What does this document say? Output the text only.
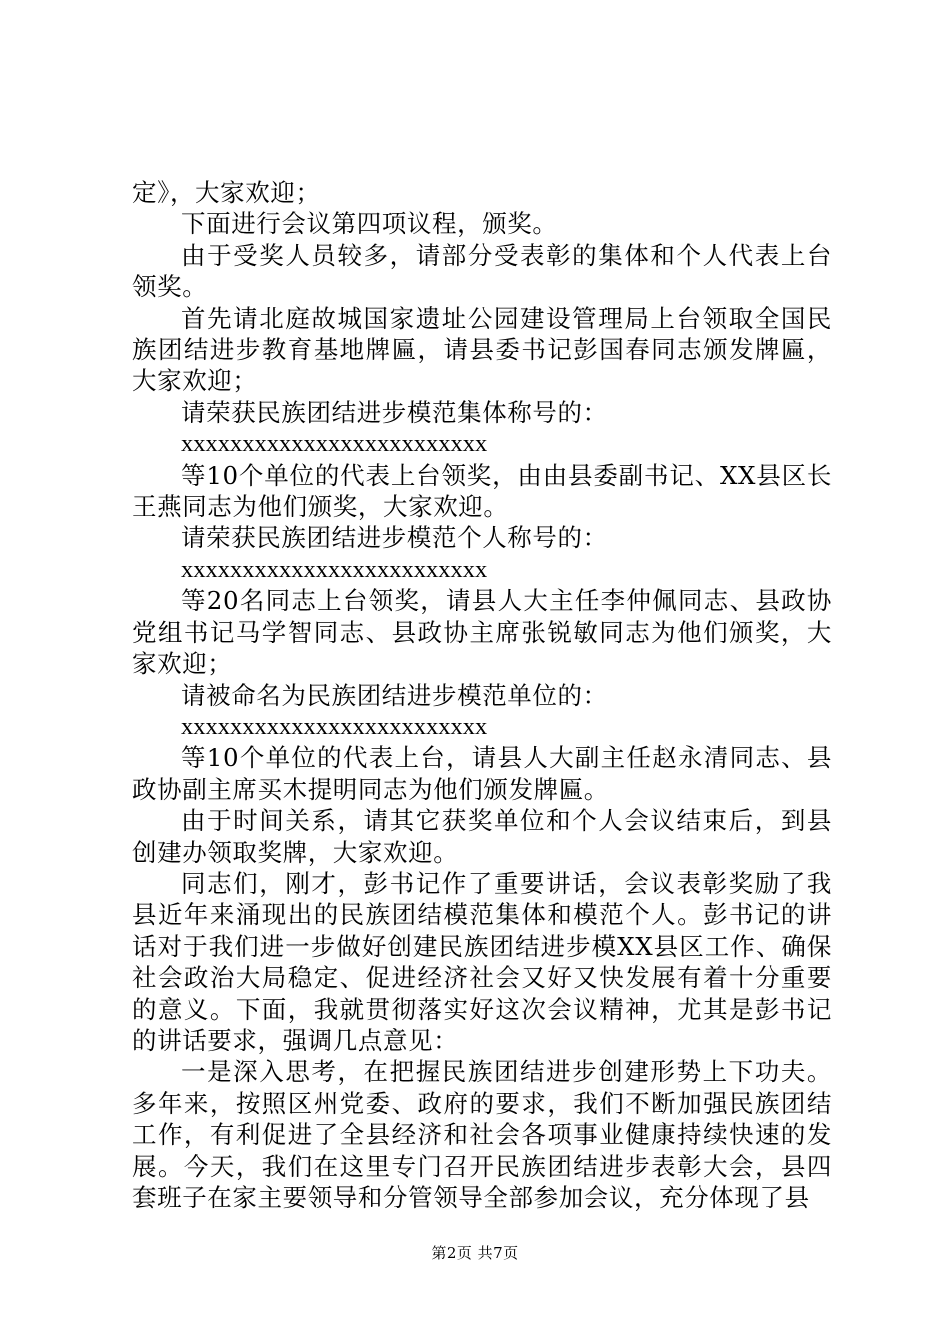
定》，大家欢迎；

下面进行会议第四项议程，颁奖。

由于受奖人员较多，请部分受表彰的集体和个人代表上台领奖。

首先请北庭故城国家遗址公园建设管理局上台领取全国民族团结进步教育基地牌匾，请县委书记彭国春同志颁发牌匾，大家欢迎；

请荣获民族团结进步模范集体称号的：

xxxxxxxxxxxxxxxxxxxxxxxxx

等10个单位的代表上台领奖，由由县委副书记、XX县区长王燕同志为他们颁奖，大家欢迎。

请荣获民族团结进步模范个人称号的：

xxxxxxxxxxxxxxxxxxxxxxxxx

等20名同志上台领奖，请县人大主任李仲佩同志、县政协党组书记马学智同志、县政协主席张锐敏同志为他们颁奖，大家欢迎；

请被命名为民族团结进步模范单位的：

xxxxxxxxxxxxxxxxxxxxxxxxx

等10个单位的代表上台，请县人大副主任赵永清同志、县政协副主席买木提明同志为他们颁发牌匾。

由于时间关系，请其它获奖单位和个人会议结束后，到县创建办领取奖牌，大家欢迎。

同志们，刚才，彭书记作了重要讲话，会议表彰奖励了我县近年来涌现出的民族团结模范集体和模范个人。彭书记的讲话对于我们进一步做好创建民族团结进步模XX县区工作、确保社会政治大局稳定、促进经济社会又好又快发展有着十分重要的意义。下面，我就贯彻落实好这次会议精神，尤其是彭书记的讲话要求，强调几点意见：

一是深入思考，在把握民族团结进步创建形势上下功夫。多年来，按照区州党委、政府的要求，我们不断加强民族团结工作，有利促进了全县经济和社会各项事业健康持续快速的发展。今天，我们在这里专门召开民族团结进步表彰大会，县四套班子在家主要领导和分管领导全部参加会议，充分体现了县

第2页 共7页
